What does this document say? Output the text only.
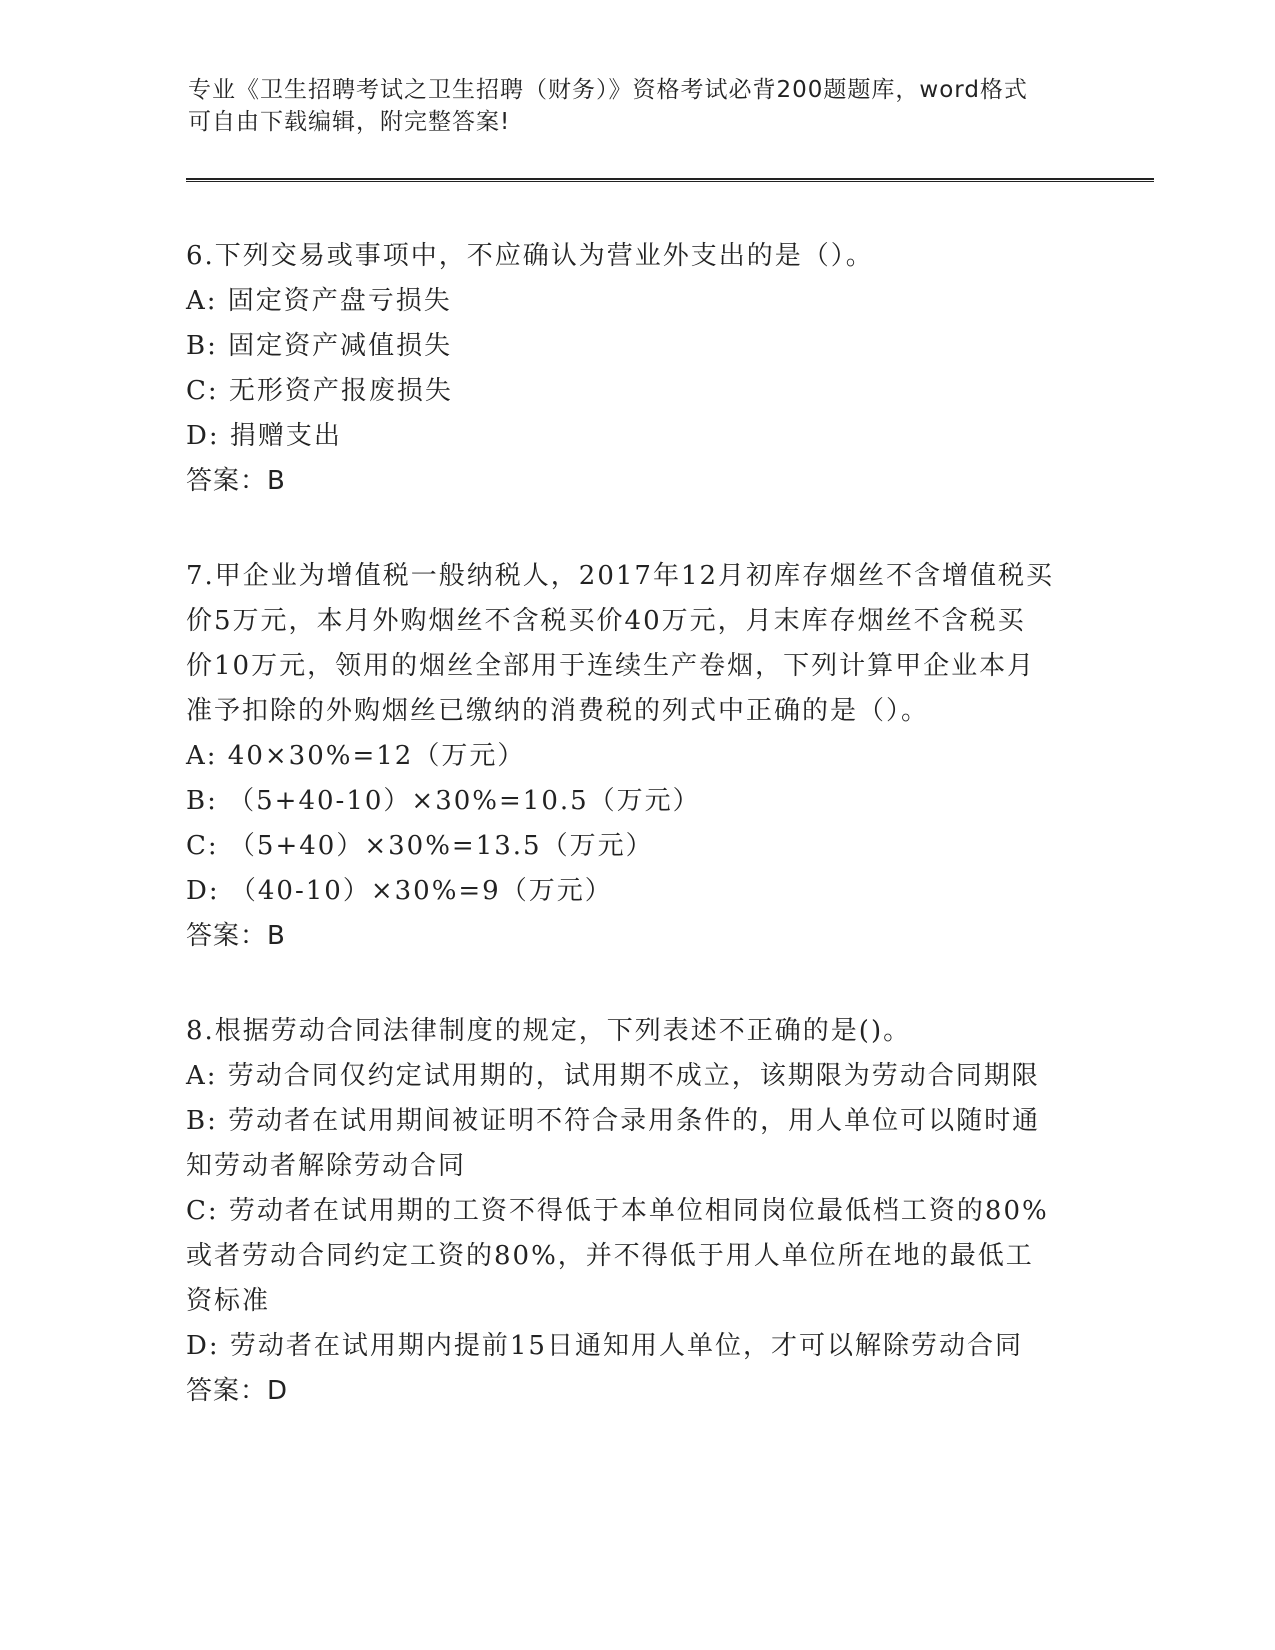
专业《卫生招聘考试之卫生招聘（财务）》资格考试必背200题题库，word格式
可自由下载编辑，附完整答案!
6.下列交易或事项中，不应确认为营业外支出的是（）。
A: 固定资产盘亏损失
B: 固定资产减值损失
C: 无形资产报废损失
D: 捐赠支出
答案：B
7.甲企业为增值税一般纳税人，2017年12月初库存烟丝不含增值税买
价5万元，本月外购烟丝不含税买价40万元，月末库存烟丝不含税买
价10万元，领用的烟丝全部用于连续生产卷烟，下列计算甲企业本月
准予扣除的外购烟丝已缴纳的消费税的列式中正确的是（）。
A: 40×30%=12（万元）
B: （5+40-10）×30%=10.5（万元）
C: （5+40）×30%=13.5（万元）
D: （40-10）×30%=9（万元）
答案：B
8.根据劳动合同法律制度的规定，下列表述不正确的是()。
A: 劳动合同仅约定试用期的，试用期不成立，该期限为劳动合同期限
B: 劳动者在试用期间被证明不符合录用条件的，用人单位可以随时通
知劳动者解除劳动合同
C: 劳动者在试用期的工资不得低于本单位相同岗位最低档工资的80%
或者劳动合同约定工资的80%，并不得低于用人单位所在地的最低工
资标准
D: 劳动者在试用期内提前15日通知用人单位，才可以解除劳动合同
答案：D
